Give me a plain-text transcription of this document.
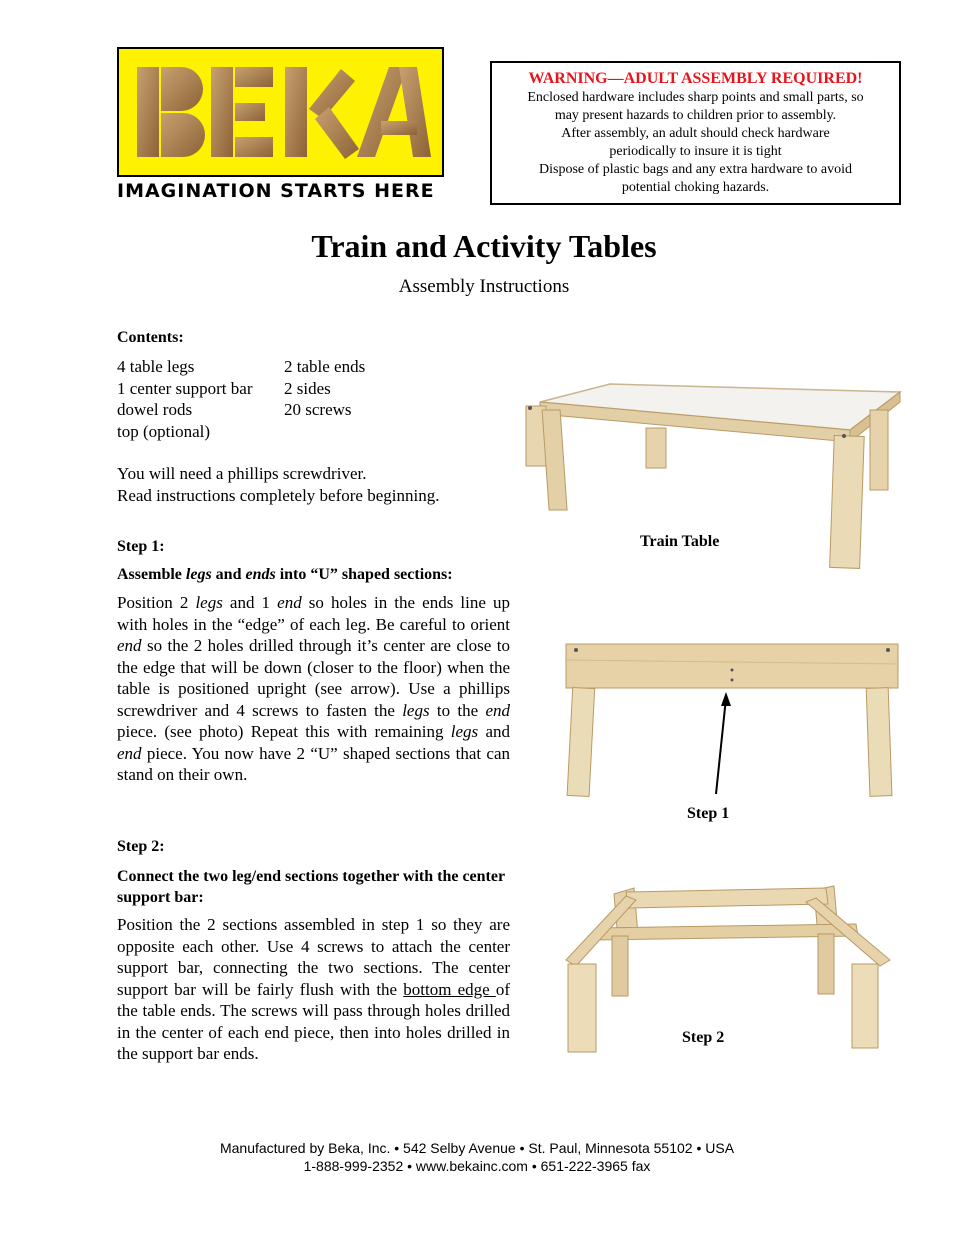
IMAGINATION STARTS HERE
WARNING—ADULT ASSEMBLY REQUIRED!
Enclosed hardware includes sharp points and small parts, so
may present hazards to children prior to assembly.
After assembly, an adult should check hardware
periodically to insure it is tight
Dispose of plastic bags and any extra hardware to avoid
potential choking hazards.
Train and Activity Tables
Assembly Instructions
Contents:
4 table legs	2 table ends
1 center support bar	2 sides
dowel rods	20 screws
top (optional)
You will need a phillips screwdriver.
Read instructions completely before beginning.
Step 1:
Assemble legs and ends into “U” shaped sections:
Position 2 legs and 1 end so holes in the ends line up with holes in the “edge” of each leg. Be careful to orient end so the 2 holes drilled through it’s center are close to the edge that will be down (closer to the floor) when the table is positioned upright (see arrow). Use a phillips screwdriver and 4 screws to fasten the legs to the end piece. (see photo) Repeat this with remaining legs and end piece. You now have 2 “U” shaped sections that can stand on their own.
Step 2:
Connect the two leg/end sections together with the center support bar:
Position the 2 sections assembled in step 1 so they are opposite each other. Use 4 screws to attach the center support bar, connecting the two sections. The center support bar will be fairly flush with the bottom edge of the table ends. The screws will pass through holes drilled in the center of each end piece, then into holes drilled in the support bar ends.
Train Table
Step 1
Step 2
Manufactured by Beka, Inc. • 542 Selby Avenue • St. Paul, Minnesota 55102 • USA
1-888-999-2352 • www.bekainc.com • 651-222-3965 fax
